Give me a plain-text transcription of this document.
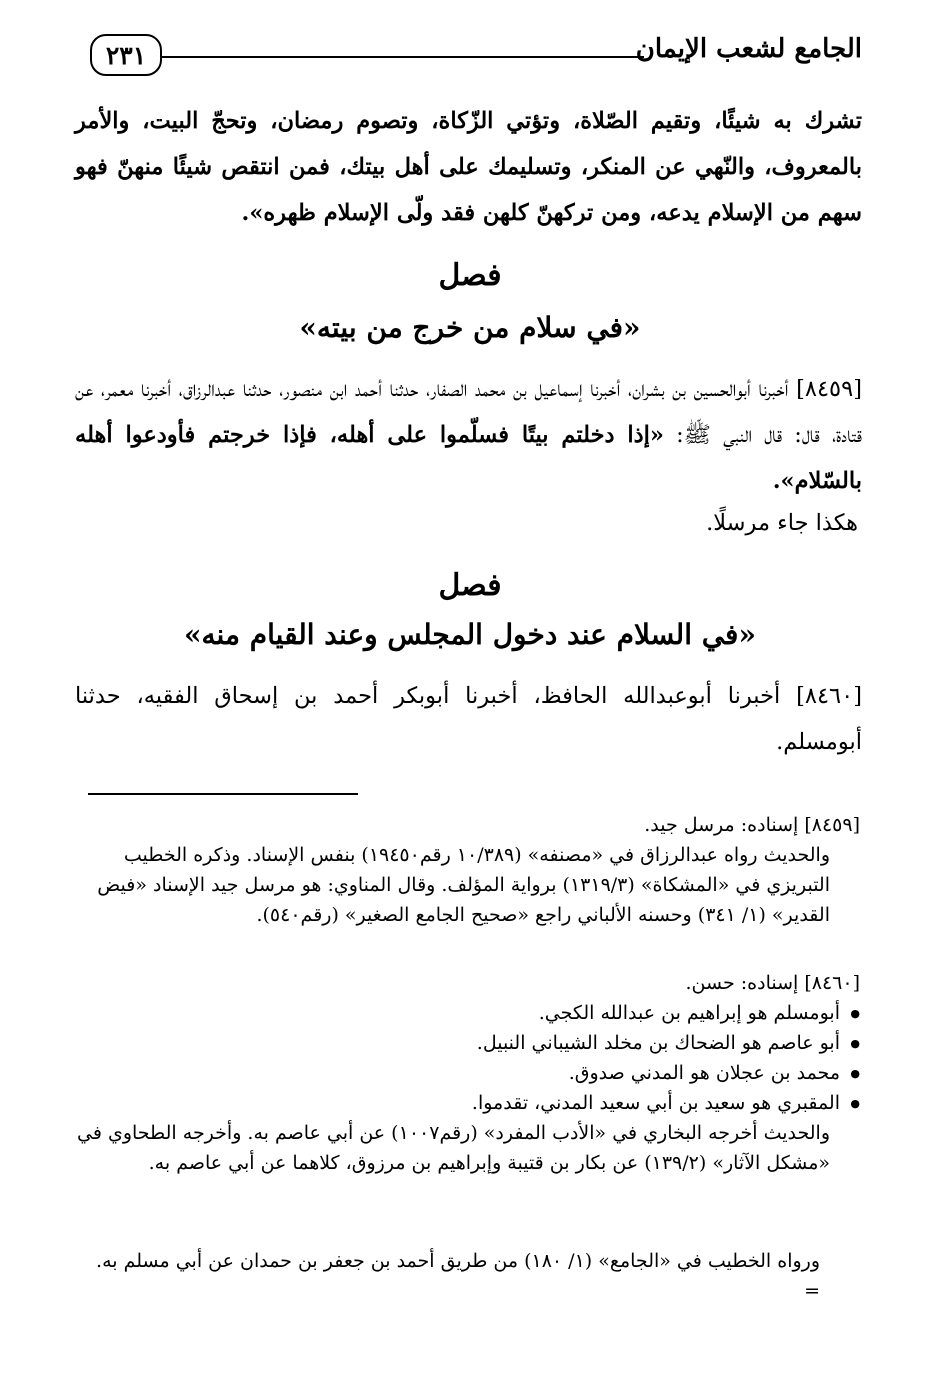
٢٣١	الجامع لشعب الإيمان

تشرك به شيئًا، وتقيم الصّلاة، وتؤتي الزّكاة، وتصوم رمضان، وتحجّ البيت، والأمر بالمعروف، والنّهي عن المنكر، وتسليمك على أهل بيتك، فمن انتقص شيئًا منهنّ فهو سهم من الإسلام يدعه، ومن تركهنّ كلهن فقد ولّى الإسلام ظهره».

فصل
«في سلام من خرج من بيته»

[٨٤٥٩] أخبرنا أبوالحسين بن بشران، أخبرنا إسماعيل بن محمد الصفار، حدثنا أحمد ابن منصور، حدثنا عبدالرزاق، أخبرنا معمر، عن قتادة، قال: قال النبي ﷺ: «إذا دخلتم بيتًا فسلّموا على أهله، فإذا خرجتم فأودعوا أهله بالسّلام».

هكذا جاء مرسلًا.
فصل
«في السلام عند دخول المجلس وعند القيام منه»

[٨٤٦٠] أخبرنا أبوعبدالله الحافظ، أخبرنا أبوبكر أحمد بن إسحاق الفقيه، حدثنا أبومسلم.

[٨٤٥٩] إسناده: مرسل جيد.
والحديث رواه عبدالرزاق في «مصنفه» (١٠/٣٨٩ رقم١٩٤٥٠) بنفس الإسناد. وذكره الخطيب التبريزي في «المشكاة» (١٣١٩/٣) برواية المؤلف. وقال المناوي: هو مرسل جيد الإسناد «فيض القدير» (١/ ٣٤١) وحسنه الألباني راجع «صحيح الجامع الصغير» (رقم٥٤٠).
[٨٤٦٠] إسناده: حسن.
● أبومسلم هو إبراهيم بن عبدالله الكجي.
● أبو عاصم هو الضحاك بن مخلد الشيباني النبيل.
● محمد بن عجلان هو المدني صدوق.
● المقبري هو سعيد بن أبي سعيد المدني، تقدموا.
والحديث أخرجه البخاري في «الأدب المفرد» (رقم١٠٠٧) عن أبي عاصم به. وأخرجه الطحاوي في «مشكل الآثار» (١٣٩/٢) عن بكار بن قتيبة وإبراهيم بن مرزوق، كلاهما عن أبي عاصم به.
ورواه الخطيب في «الجامع» (١/ ١٨٠) من طريق أحمد بن جعفر بن حمدان عن أبي مسلم به. =
